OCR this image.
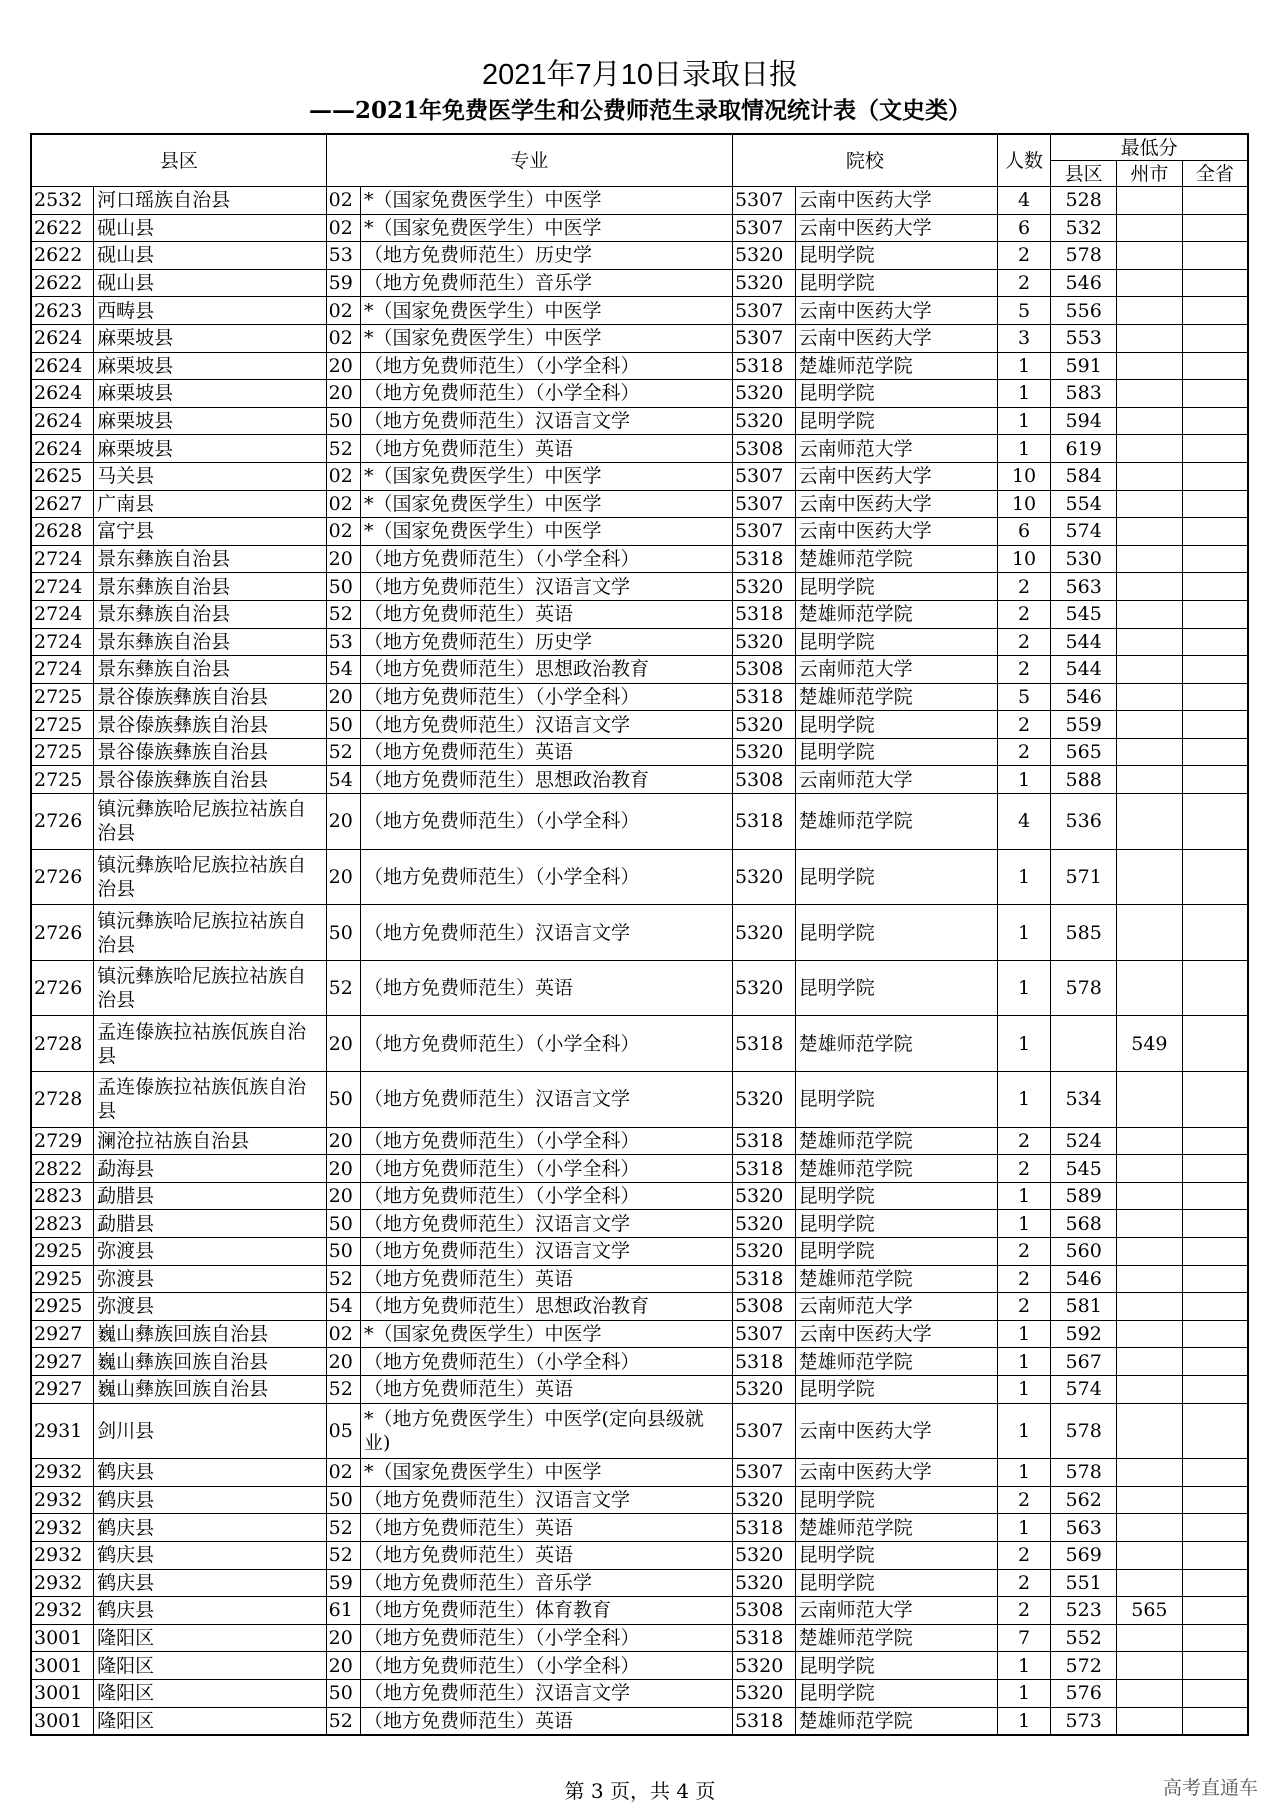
2021年7月10日录取日报
——2021年免费医学生和公费师范生录取情况统计表（文史类）
县区		专业		院校		人数	最低分		
							县区	州市	全省
2532	河口瑶族自治县	02	*（国家免费医学生）中医学	5307	云南中医药大学	4	528		
2622	砚山县	02	*（国家免费医学生）中医学	5307	云南中医药大学	6	532		
2622	砚山县	53	（地方免费师范生）历史学	5320	昆明学院	2	578		
2622	砚山县	59	（地方免费师范生）音乐学	5320	昆明学院	2	546		
2623	西畴县	02	*（国家免费医学生）中医学	5307	云南中医药大学	5	556		
2624	麻栗坡县	02	*（国家免费医学生）中医学	5307	云南中医药大学	3	553		
2624	麻栗坡县	20	（地方免费师范生）（小学全科）	5318	楚雄师范学院	1	591		
2624	麻栗坡县	20	（地方免费师范生）（小学全科）	5320	昆明学院	1	583		
2624	麻栗坡县	50	（地方免费师范生）汉语言文学	5320	昆明学院	1	594		
2624	麻栗坡县	52	（地方免费师范生）英语	5308	云南师范大学	1	619		
2625	马关县	02	*（国家免费医学生）中医学	5307	云南中医药大学	10	584		
2627	广南县	02	*（国家免费医学生）中医学	5307	云南中医药大学	10	554		
2628	富宁县	02	*（国家免费医学生）中医学	5307	云南中医药大学	6	574		
2724	景东彝族自治县	20	（地方免费师范生）（小学全科）	5318	楚雄师范学院	10	530		
2724	景东彝族自治县	50	（地方免费师范生）汉语言文学	5320	昆明学院	2	563		
2724	景东彝族自治县	52	（地方免费师范生）英语	5318	楚雄师范学院	2	545		
2724	景东彝族自治县	53	（地方免费师范生）历史学	5320	昆明学院	2	544		
2724	景东彝族自治县	54	（地方免费师范生）思想政治教育	5308	云南师范大学	2	544		
2725	景谷傣族彝族自治县	20	（地方免费师范生）（小学全科）	5318	楚雄师范学院	5	546		
2725	景谷傣族彝族自治县	50	（地方免费师范生）汉语言文学	5320	昆明学院	2	559		
2725	景谷傣族彝族自治县	52	（地方免费师范生）英语	5320	昆明学院	2	565		
2725	景谷傣族彝族自治县	54	（地方免费师范生）思想政治教育	5308	云南师范大学	1	588		
2726	镇沅彝族哈尼族拉祜族自治县	20	（地方免费师范生）（小学全科）	5318	楚雄师范学院	4	536		
2726	镇沅彝族哈尼族拉祜族自治县	20	（地方免费师范生）（小学全科）	5320	昆明学院	1	571		
2726	镇沅彝族哈尼族拉祜族自治县	50	（地方免费师范生）汉语言文学	5320	昆明学院	1	585		
2726	镇沅彝族哈尼族拉祜族自治县	52	（地方免费师范生）英语	5320	昆明学院	1	578		
2728	孟连傣族拉祜族佤族自治县	20	（地方免费师范生）（小学全科）	5318	楚雄师范学院	1		549	
2728	孟连傣族拉祜族佤族自治县	50	（地方免费师范生）汉语言文学	5320	昆明学院	1	534		
2729	澜沧拉祜族自治县	20	（地方免费师范生）（小学全科）	5318	楚雄师范学院	2	524		
2822	勐海县	20	（地方免费师范生）（小学全科）	5318	楚雄师范学院	2	545		
2823	勐腊县	20	（地方免费师范生）（小学全科）	5320	昆明学院	1	589		
2823	勐腊县	50	（地方免费师范生）汉语言文学	5320	昆明学院	1	568		
2925	弥渡县	50	（地方免费师范生）汉语言文学	5320	昆明学院	2	560		
2925	弥渡县	52	（地方免费师范生）英语	5318	楚雄师范学院	2	546		
2925	弥渡县	54	（地方免费师范生）思想政治教育	5308	云南师范大学	2	581		
2927	巍山彝族回族自治县	02	*（国家免费医学生）中医学	5307	云南中医药大学	1	592		
2927	巍山彝族回族自治县	20	（地方免费师范生）（小学全科）	5318	楚雄师范学院	1	567		
2927	巍山彝族回族自治县	52	（地方免费师范生）英语	5320	昆明学院	1	574		
2931	剑川县	05	*（地方免费医学生）中医学(定向县级就业)	5307	云南中医药大学	1	578		
2932	鹤庆县	02	*（国家免费医学生）中医学	5307	云南中医药大学	1	578		
2932	鹤庆县	50	（地方免费师范生）汉语言文学	5320	昆明学院	2	562		
2932	鹤庆县	52	（地方免费师范生）英语	5318	楚雄师范学院	1	563		
2932	鹤庆县	52	（地方免费师范生）英语	5320	昆明学院	2	569		
2932	鹤庆县	59	（地方免费师范生）音乐学	5320	昆明学院	2	551		
2932	鹤庆县	61	（地方免费师范生）体育教育	5308	云南师范大学	2	523	565	
3001	隆阳区	20	（地方免费师范生）（小学全科）	5318	楚雄师范学院	7	552		
3001	隆阳区	20	（地方免费师范生）（小学全科）	5320	昆明学院	1	572		
3001	隆阳区	50	（地方免费师范生）汉语言文学	5320	昆明学院	1	576		
3001	隆阳区	52	（地方免费师范生）英语	5318	楚雄师范学院	1	573		
第 3 页，共 4 页	高考直通车
